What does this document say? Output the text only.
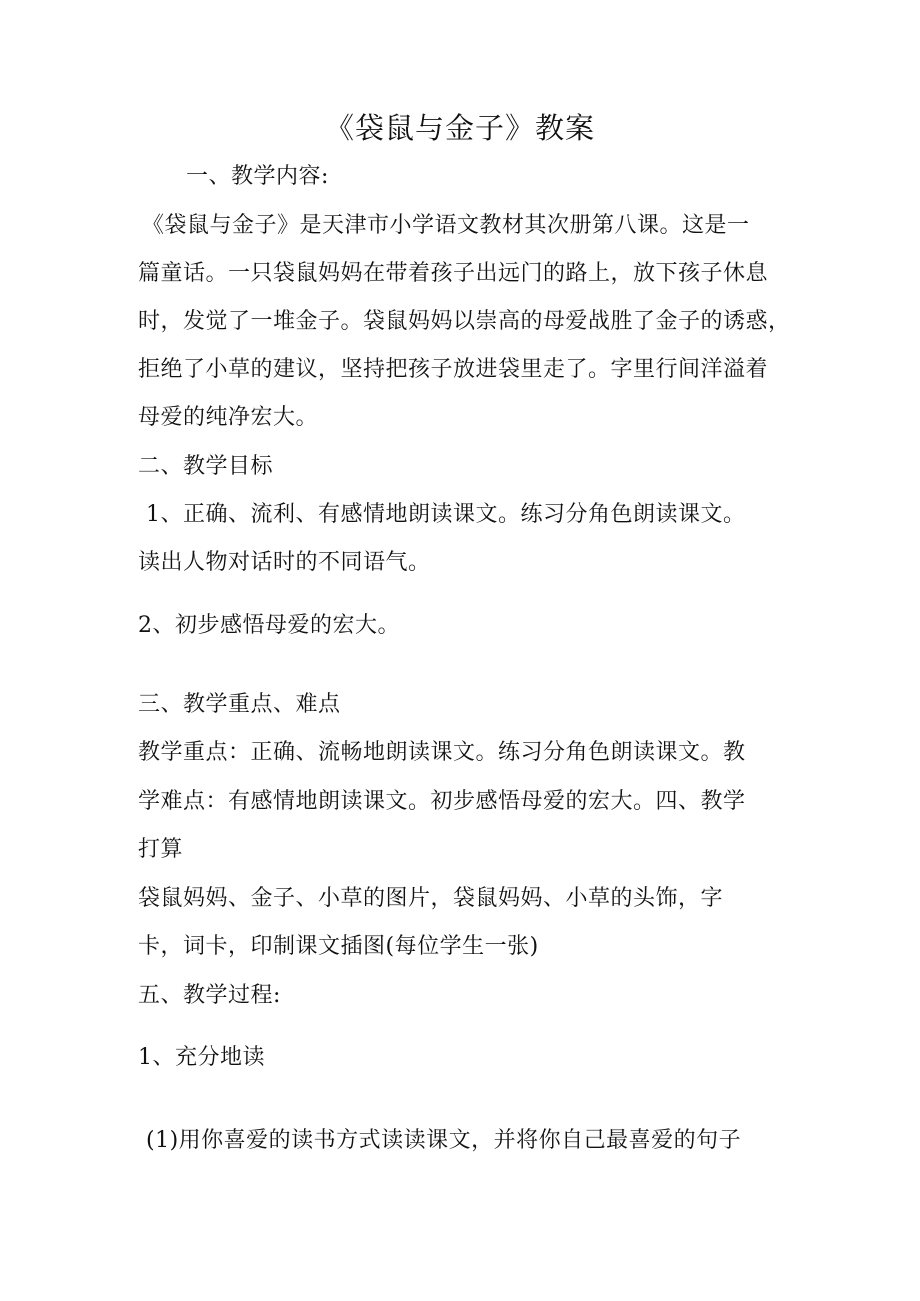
《袋鼠与金子》教案
一、教学内容:
《袋鼠与金子》是天津市小学语文教材其次册第八课。这是一
篇童话。一只袋鼠妈妈在带着孩子出远门的路上，放下孩子休息
时，发觉了一堆金子。袋鼠妈妈以崇高的母爱战胜了金子的诱惑，
拒绝了小草的建议，坚持把孩子放进袋里走了。字里行间洋溢着
母爱的纯净宏大。
二、教学目标
1、正确、流利、有感情地朗读课文。练习分角色朗读课文。
读出人物对话时的不同语气。
2、初步感悟母爱的宏大。
三、教学重点、难点
教学重点：正确、流畅地朗读课文。练习分角色朗读课文。教
学难点：有感情地朗读课文。初步感悟母爱的宏大。四、教学
打算
袋鼠妈妈、金子、小草的图片，袋鼠妈妈、小草的头饰，字
卡，词卡，印制课文插图(每位学生一张)
五、教学过程:
1、充分地读
(1)用你喜爱的读书方式读读课文，并将你自己最喜爱的句子
